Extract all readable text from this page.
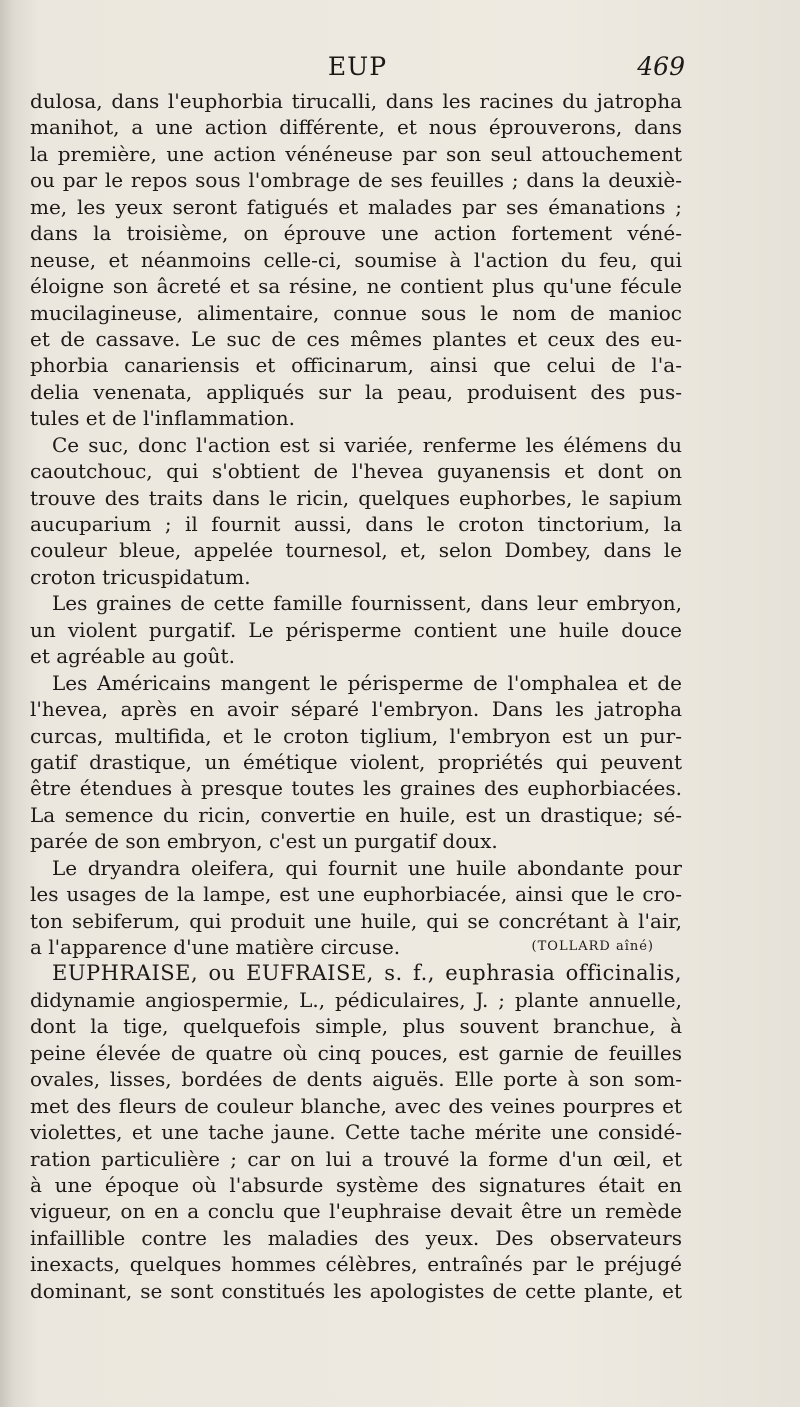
EUP	469
dulosa, dans l'euphorbia tirucalli, dans les racines du jatropha
manihot, a une action différente, et nous éprouverons, dans
la première, une action vénéneuse par son seul attouchement
ou par le repos sous l'ombrage de ses feuilles ; dans la deuxiè-
me, les yeux seront fatigués et malades par ses émanations ;
dans la troisième, on éprouve une action fortement véné-
neuse, et néanmoins celle-ci, soumise à l'action du feu, qui
éloigne son âcreté et sa résine, ne contient plus qu'une fécule
mucilagineuse, alimentaire, connue sous le nom de manioc
et de cassave. Le suc de ces mêmes plantes et ceux des eu-
phorbia canariensis et officinarum, ainsi que celui de l'a-
delia venenata, appliqués sur la peau, produisent des pus-
tules et de l'inflammation.
Ce suc, donc l'action est si variée, renferme les élémens du
caoutchouc, qui s'obtient de l'hevea guyanensis et dont on
trouve des traits dans le ricin, quelques euphorbes, le sapium
aucuparium ; il fournit aussi, dans le croton tinctorium, la
couleur bleue, appelée tournesol, et, selon Dombey, dans le
croton tricuspidatum.
Les graines de cette famille fournissent, dans leur embryon,
un violent purgatif. Le périsperme contient une huile douce
et agréable au goût.
Les Américains mangent le périsperme de l'omphalea et de
l'hevea, après en avoir séparé l'embryon. Dans les jatropha
curcas, multifida, et le croton tiglium, l'embryon est un pur-
gatif drastique, un émétique violent, propriétés qui peuvent
être étendues à presque toutes les graines des euphorbiacées.
La semence du ricin, convertie en huile, est un drastique; sé-
parée de son embryon, c'est un purgatif doux.
Le dryandra oleifera, qui fournit une huile abondante pour
les usages de la lampe, est une euphorbiacée, ainsi que le cro-
ton sebiferum, qui produit une huile, qui se concrétant à l'air,
a l'apparence d'une matière circuse.	(TOLLARD aîné)
EUPHRAISE, ou EUFRAISE, s. f., euphrasia officinalis,
didynamie angiospermie, L., pédiculaires, J. ; plante annuelle,
dont la tige, quelquefois simple, plus souvent branchue, à
peine élevée de quatre où cinq pouces, est garnie de feuilles
ovales, lisses, bordées de dents aiguës. Elle porte à son som-
met des fleurs de couleur blanche, avec des veines pourpres et
violettes, et une tache jaune. Cette tache mérite une considé-
ration particulière ; car on lui a trouvé la forme d'un œil, et
à une époque où l'absurde système des signatures était en
vigueur, on en a conclu que l'euphraise devait être un remède
infaillible contre les maladies des yeux. Des observateurs
inexacts, quelques hommes célèbres, entraînés par le préjugé
dominant, se sont constitués les apologistes de cette plante, et
